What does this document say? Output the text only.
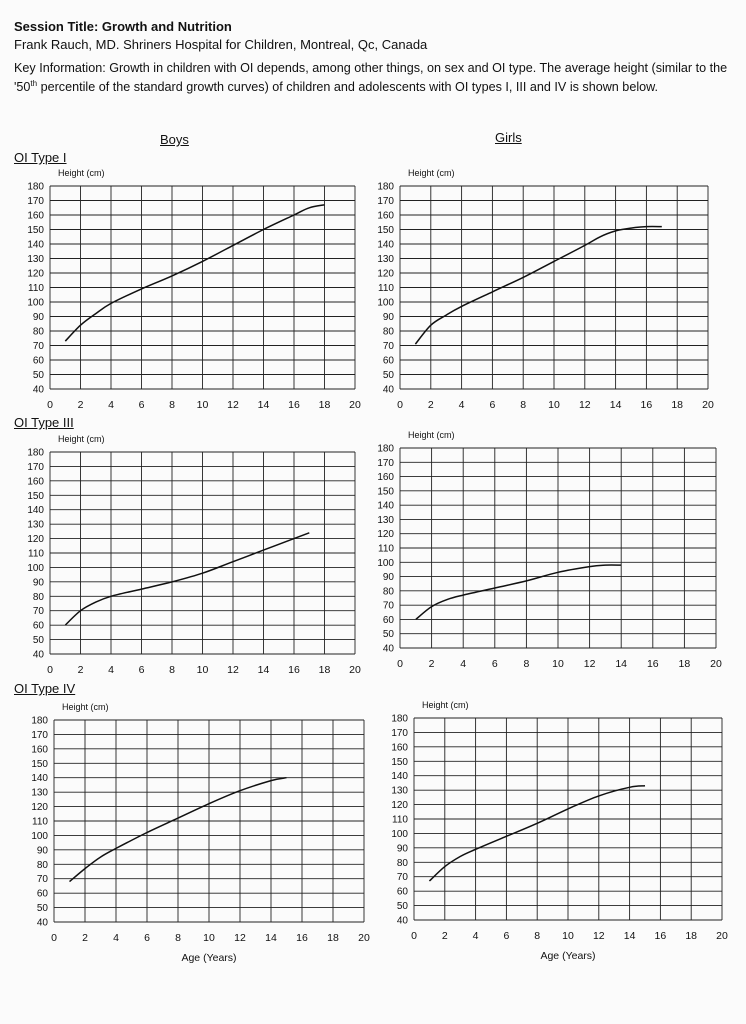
Session Title: Growth and Nutrition
Frank Rauch, MD. Shriners Hospital for Children, Montreal, Qc, Canada
Key Information: Growth in children with OI depends, among other things, on sex and OI type. The average height (similar to the '50th percentile of the standard growth curves) of children and adolescents with OI types I, III and IV is shown below.
Boys	Girls
OI Type I
OI Type III
OI Type IV
0 2 4 6 8 10 12 14 16 18 20
40
50
60
70
80
90
100
110
120
130
140
150
160
170
180
Height (cm)
0 2 4 6 8 10 12 14 16 18 20
40
50
60
70
80
90
100
110
120
130
140
150
160
170
180
Height (cm)
0 2 4 6 8 10 12 14 16 18 20
40
50
60
70
80
90
100
110
120
130
140
150
160
170
180
Height (cm)
0 2 4 6 8 10 12 14 16 18 20
40
50
60
70
80
90
100
110
120
130
140
150
160
170
180
Height (cm)
0 2 4 6 8 10 12 14 16 18 20
40
50
60
70
80
90
100
110
120
130
140
150
160
170
180
Height (cm)
Age (Years)
0 2 4 6 8 10 12 14 16 18 20
40
50
60
70
80
90
100
110
120
130
140
150
160
170
180
Height (cm)
Age (Years)
